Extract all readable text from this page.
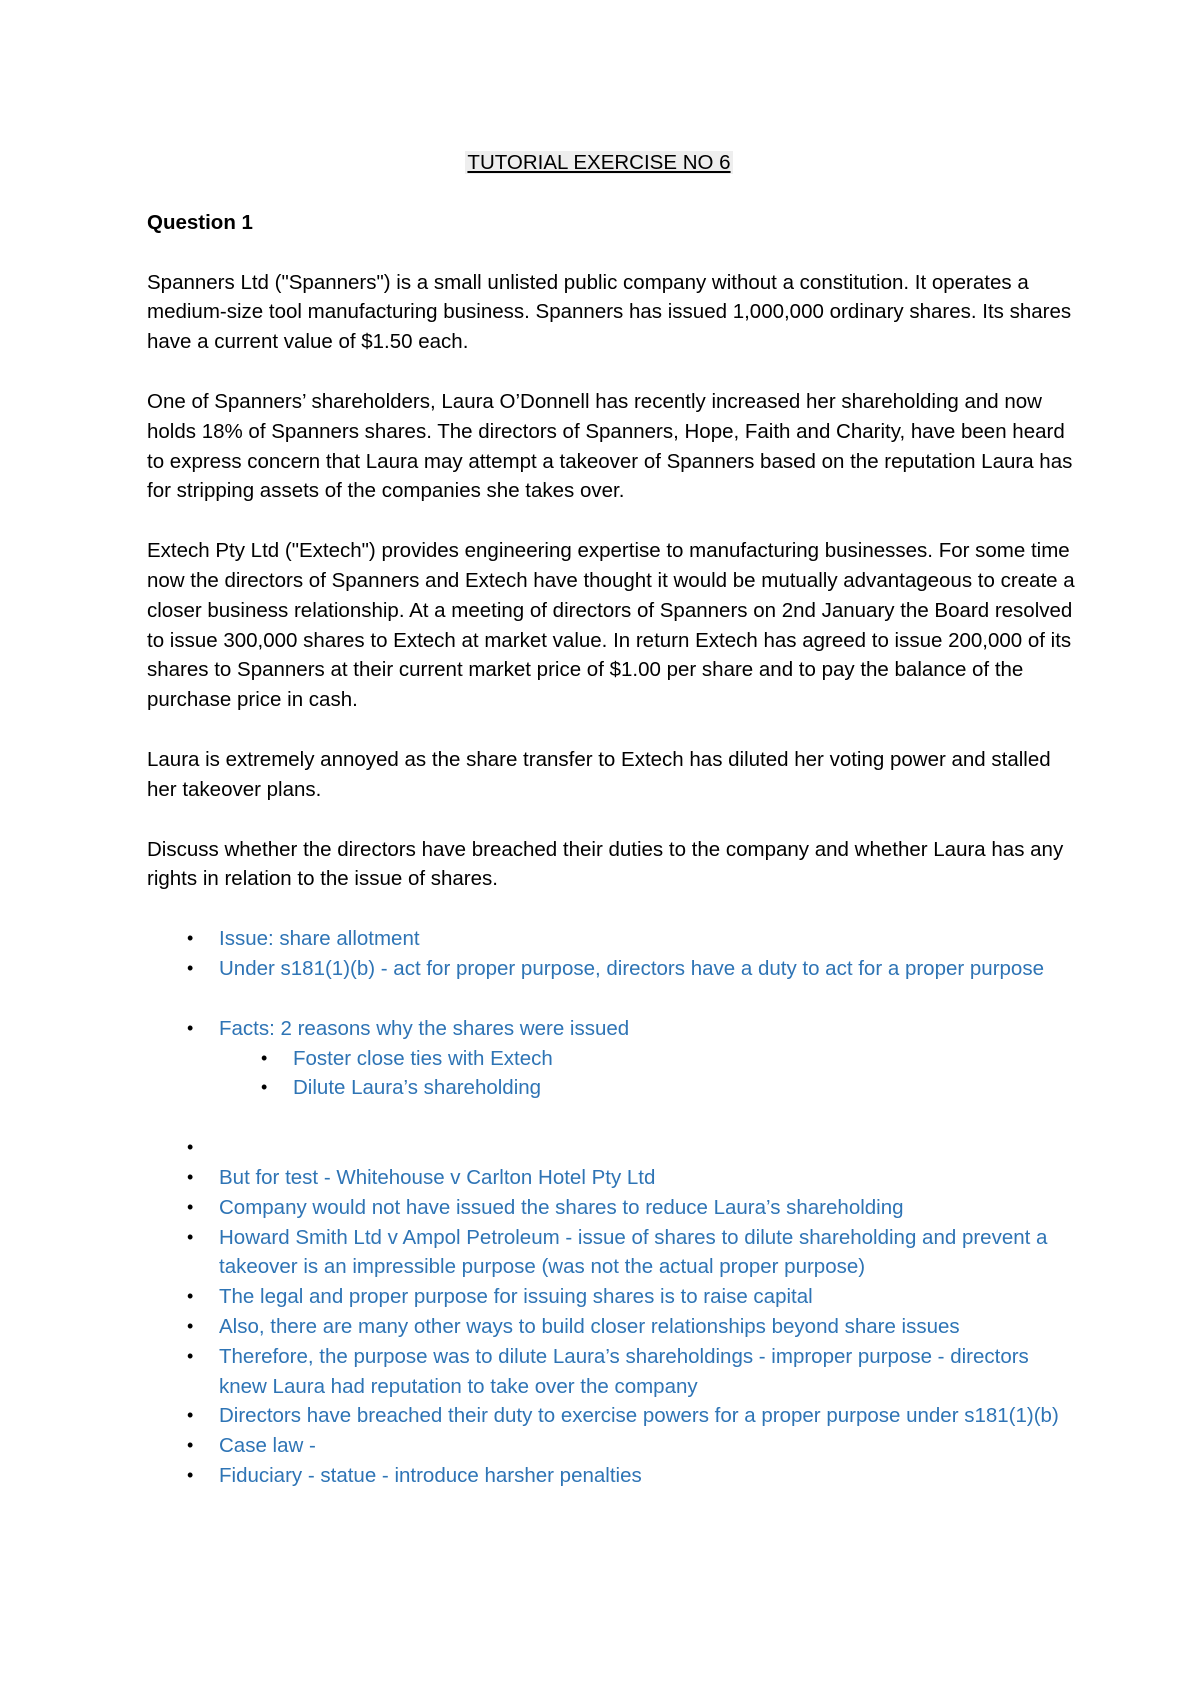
TUTORIAL EXERCISE NO 6

Question 1

Spanners Ltd ("Spanners") is a small unlisted public company without a constitution. It operates a medium-size tool manufacturing business. Spanners has issued 1,000,000 ordinary shares. Its shares have a current value of $1.50 each.

One of Spanners’ shareholders, Laura O’Donnell has recently increased her shareholding and now holds 18% of Spanners shares. The directors of Spanners, Hope, Faith and Charity, have been heard to express concern that Laura may attempt a takeover of Spanners based on the reputation Laura has for stripping assets of the companies she takes over.

Extech Pty Ltd ("Extech") provides engineering expertise to manufacturing businesses. For some time now the directors of Spanners and Extech have thought it would be mutually advantageous to create a closer business relationship. At a meeting of directors of Spanners on 2nd January the Board resolved to issue 300,000 shares to Extech at market value. In return Extech has agreed to issue 200,000 of its shares to Spanners at their current market price of $1.00 per share and to pay the balance of the purchase price in cash.

Laura is extremely annoyed as the share transfer to Extech has diluted her voting power and stalled her takeover plans.

Discuss whether the directors have breached their duties to the company and whether Laura has any rights in relation to the issue of shares.

• Issue: share allotment
• Under s181(1)(b) - act for proper purpose, directors have a duty to act for a proper purpose
• Facts: 2 reasons why the shares were issued
• Foster close ties with Extech
• Dilute Laura’s shareholding
•
• But for test - Whitehouse v Carlton Hotel Pty Ltd
• Company would not have issued the shares to reduce Laura’s shareholding
• Howard Smith Ltd v Ampol Petroleum - issue of shares to dilute shareholding and prevent a takeover is an impressible purpose (was not the actual proper purpose)
• The legal and proper purpose for issuing shares is to raise capital
• Also, there are many other ways to build closer relationships beyond share issues
• Therefore, the purpose was to dilute Laura’s shareholdings - improper purpose - directors knew Laura had reputation to take over the company
• Directors have breached their duty to exercise powers for a proper purpose under s181(1)(b)
• Case law -
• Fiduciary - statue - introduce harsher penalties
